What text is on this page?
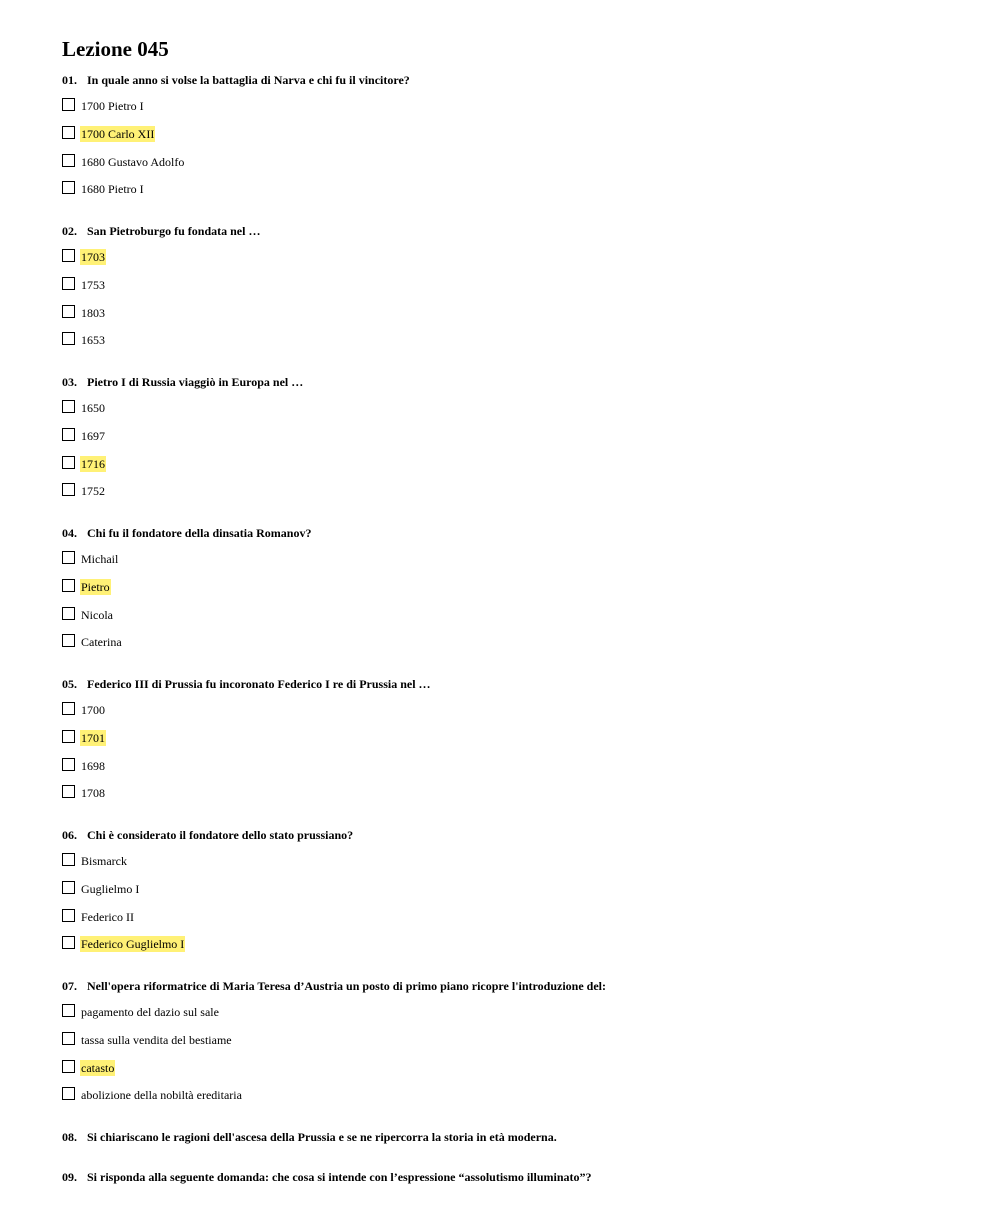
Lezione 045
01. In quale anno si volse la battaglia di Narva e chi fu il vincitore?
1700 Pietro I
1700 Carlo XII
1680 Gustavo Adolfo
1680 Pietro I
02. San Pietroburgo fu fondata nel …
1703
1753
1803
1653
03. Pietro I di Russia viaggiò in Europa nel …
1650
1697
1716
1752
04. Chi fu il fondatore della dinsatia Romanov?
Michail
Pietro
Nicola
Caterina
05. Federico III di Prussia fu incoronato Federico I re di Prussia nel …
1700
1701
1698
1708
06. Chi è considerato il fondatore dello stato prussiano?
Bismarck
Guglielmo I
Federico II
Federico Guglielmo I
07. Nell'opera riformatrice di Maria Teresa d’Austria un posto di primo piano ricopre l'introduzione del:
pagamento del dazio sul sale
tassa sulla vendita del bestiame
catasto
abolizione della nobiltà ereditaria
08. Si chiariscano le ragioni dell'ascesa della Prussia e se ne ripercorra la storia in età moderna.
09. Si risponda alla seguente domanda: che cosa si intende con l’espressione “assolutismo illuminato”?
